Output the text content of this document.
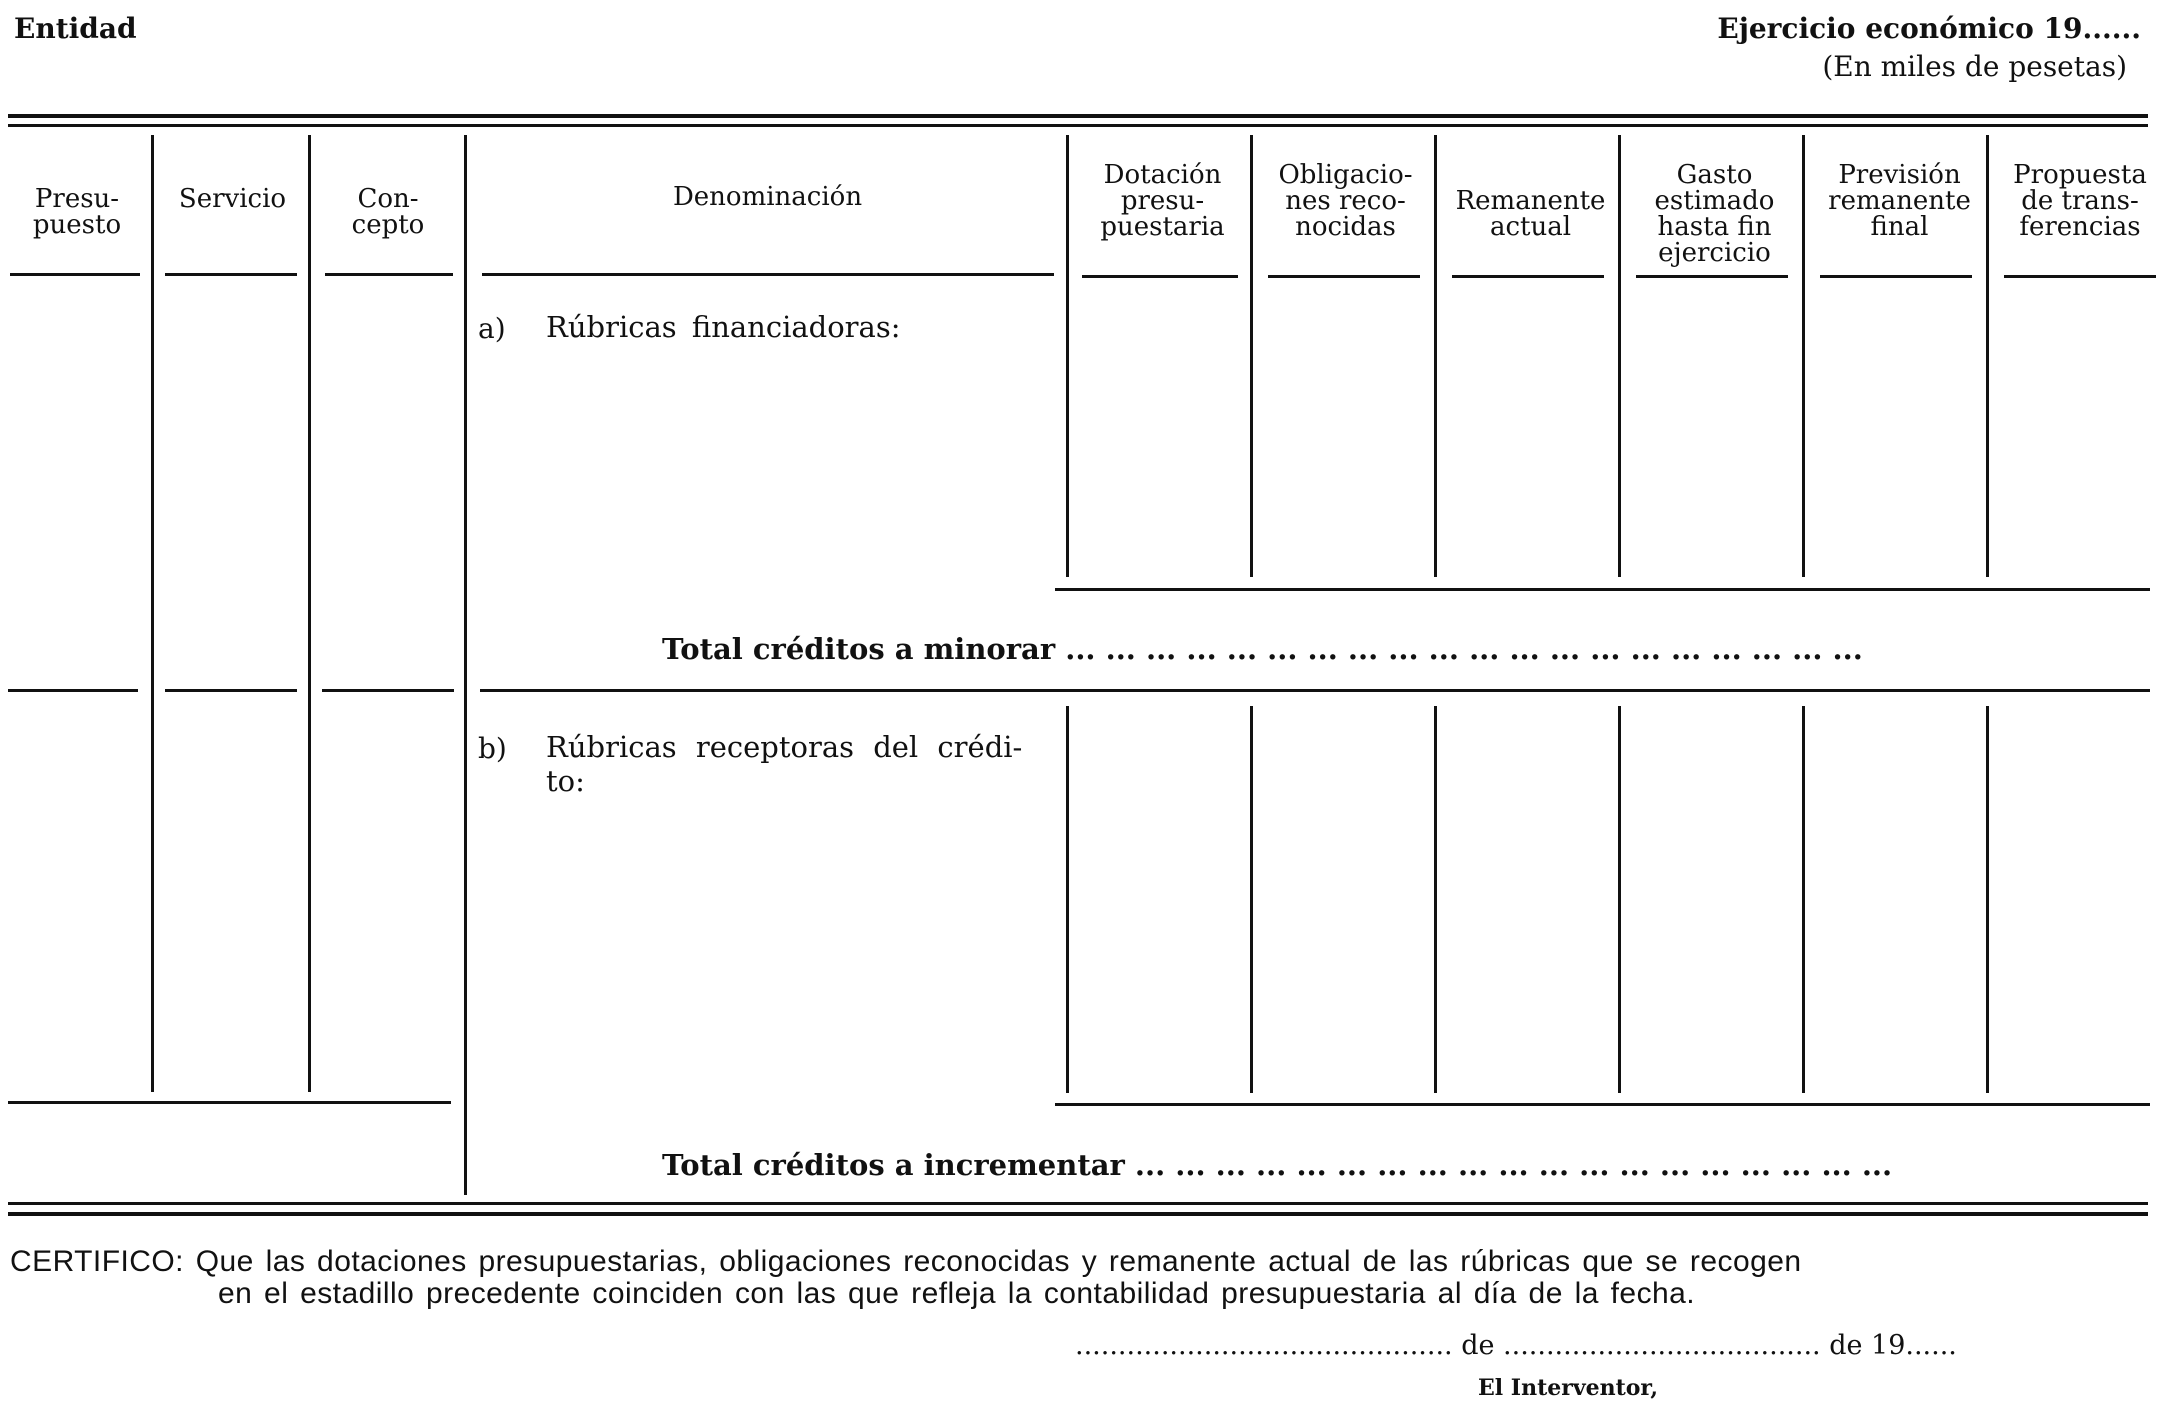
Entidad	Ejercicio económico 19......
(En miles de pesetas)
Presu-
puesto
Servicio	Con-
cepto
Denominación
Dotación
presu-
puestaria
Obligacio-
nes reco-
nocidas
Remanente
actual
Gasto
estimado
hasta fin
ejercicio
Previsión
remanente
final
Propuesta
de trans-
ferencias
a) Rúbricas financiadoras:
Total créditos a minorar ... ... ... ... ... ... ... ... ... ... ... ... ... ... ... ... ... ... ... ...
b) Rúbricas receptoras del crédi-
to:
Total créditos a incrementar ... ... ... ... ... ... ... ... ... ... ... ... ... ... ... ... ... ... ...
CERTIFICO: Que las dotaciones presupuestarias, obligaciones reconocidas y remanente actual de las rúbricas que se recogen
en el estadillo precedente coinciden con las que refleja la contabilidad presupuestaria al día de la fecha.
............................................ de ..................................... de 19......
El Interventor,
